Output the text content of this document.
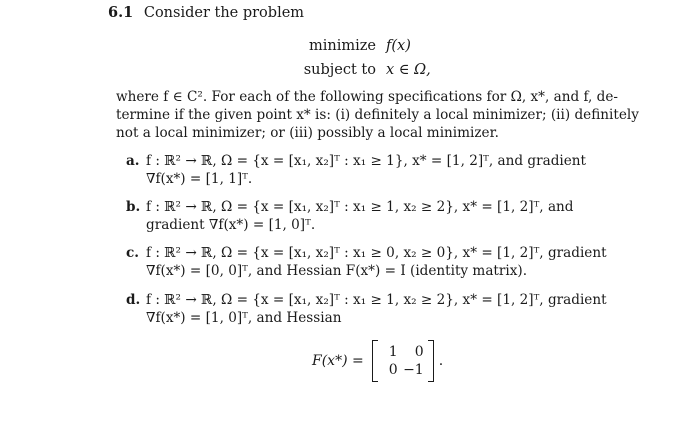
6.1 Consider the problem
minimize f(x)
subject to x ∈ Ω,
where f ∈ C². For each of the following specifications for Ω, x*, and f, de-
termine if the given point x* is: (i) definitely a local minimizer; (ii) definitely
not a local minimizer; or (iii) possibly a local minimizer.
a. f : ℝ² → ℝ, Ω = {x = [x₁, x₂]ᵀ : x₁ ≥ 1}, x* = [1, 2]ᵀ, and gradient
∇f(x*) = [1, 1]ᵀ.
b. f : ℝ² → ℝ, Ω = {x = [x₁, x₂]ᵀ : x₁ ≥ 1, x₂ ≥ 2}, x* = [1, 2]ᵀ, and
gradient ∇f(x*) = [1, 0]ᵀ.
c. f : ℝ² → ℝ, Ω = {x = [x₁, x₂]ᵀ : x₁ ≥ 0, x₂ ≥ 0}, x* = [1, 2]ᵀ, gradient
∇f(x*) = [0, 0]ᵀ, and Hessian F(x*) = I (identity matrix).
d. f : ℝ² → ℝ, Ω = {x = [x₁, x₂]ᵀ : x₁ ≥ 1, x₂ ≥ 2}, x* = [1, 2]ᵀ, gradient
∇f(x*) = [1, 0]ᵀ, and Hessian
F(x*) =
1	0
0 −1
.
